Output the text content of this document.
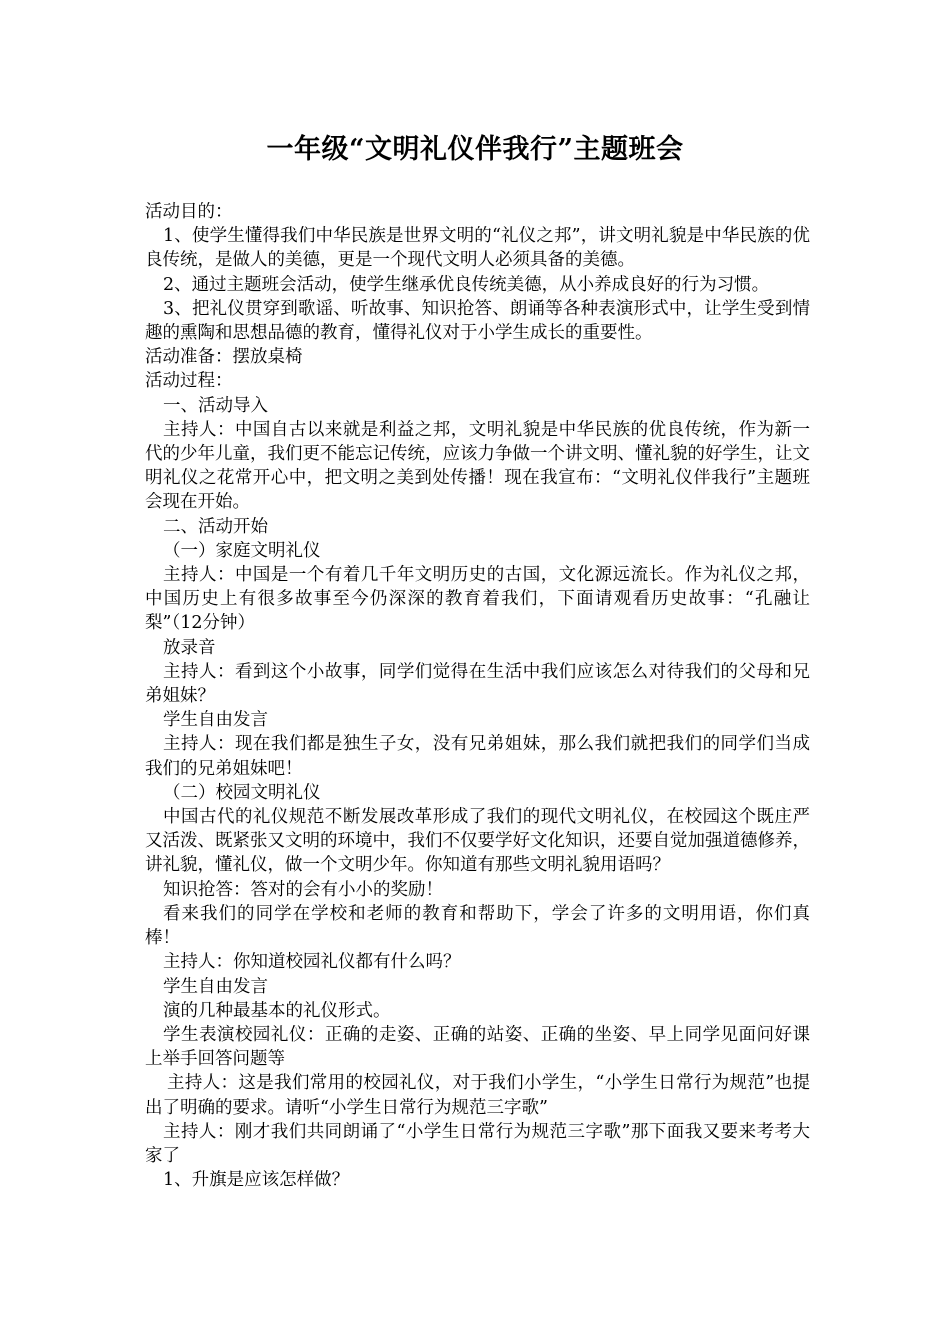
一年级“文明礼仪伴我行”主题班会

活动目的：

1、使学生懂得我们中华民族是世界文明的“礼仪之邦”，讲文明礼貌是中华民族的优良传统，是做人的美德，更是一个现代文明人必须具备的美德。

2、通过主题班会活动，使学生继承优良传统美德，从小养成良好的行为习惯。

3、把礼仪贯穿到歌谣、听故事、知识抢答、朗诵等各种表演形式中，让学生受到情趣的熏陶和思想品德的教育，懂得礼仪对于小学生成长的重要性。

活动准备：摆放桌椅

活动过程：

一、活动导入

主持人：中国自古以来就是利益之邦，文明礼貌是中华民族的优良传统，作为新一代的少年儿童，我们更不能忘记传统，应该力争做一个讲文明、懂礼貌的好学生，让文明礼仪之花常开心中，把文明之美到处传播！现在我宣布：“文明礼仪伴我行”主题班会现在开始。

二、活动开始

（一）家庭文明礼仪

主持人：中国是一个有着几千年文明历史的古国，文化源远流长。作为礼仪之邦，中国历史上有很多故事至今仍深深的教育着我们，下面请观看历史故事：“孔融让梨”（12分钟）

放录音

主持人：看到这个小故事，同学们觉得在生活中我们应该怎么对待我们的父母和兄弟姐妹？

学生自由发言

主持人：现在我们都是独生子女，没有兄弟姐妹，那么我们就把我们的同学们当成我们的兄弟姐妹吧！

（二）校园文明礼仪

中国古代的礼仪规范不断发展改革形成了我们的现代文明礼仪，在校园这个既庄严又活泼、既紧张又文明的环境中，我们不仅要学好文化知识，还要自觉加强道德修养，讲礼貌，懂礼仪，做一个文明少年。你知道有那些文明礼貌用语吗？

知识抢答：答对的会有小小的奖励！

看来我们的同学在学校和老师的教育和帮助下，学会了许多的文明用语，你们真棒！

主持人：你知道校园礼仪都有什么吗？

学生自由发言

演的几种最基本的礼仪形式。

学生表演校园礼仪：正确的走姿、正确的站姿、正确的坐姿、早上同学见面问好课上举手回答问题等

主持人：这是我们常用的校园礼仪，对于我们小学生，“小学生日常行为规范”也提出了明确的要求。请听“小学生日常行为规范三字歌”

主持人：刚才我们共同朗诵了“小学生日常行为规范三字歌”那下面我又要来考考大家了

1、升旗是应该怎样做？
